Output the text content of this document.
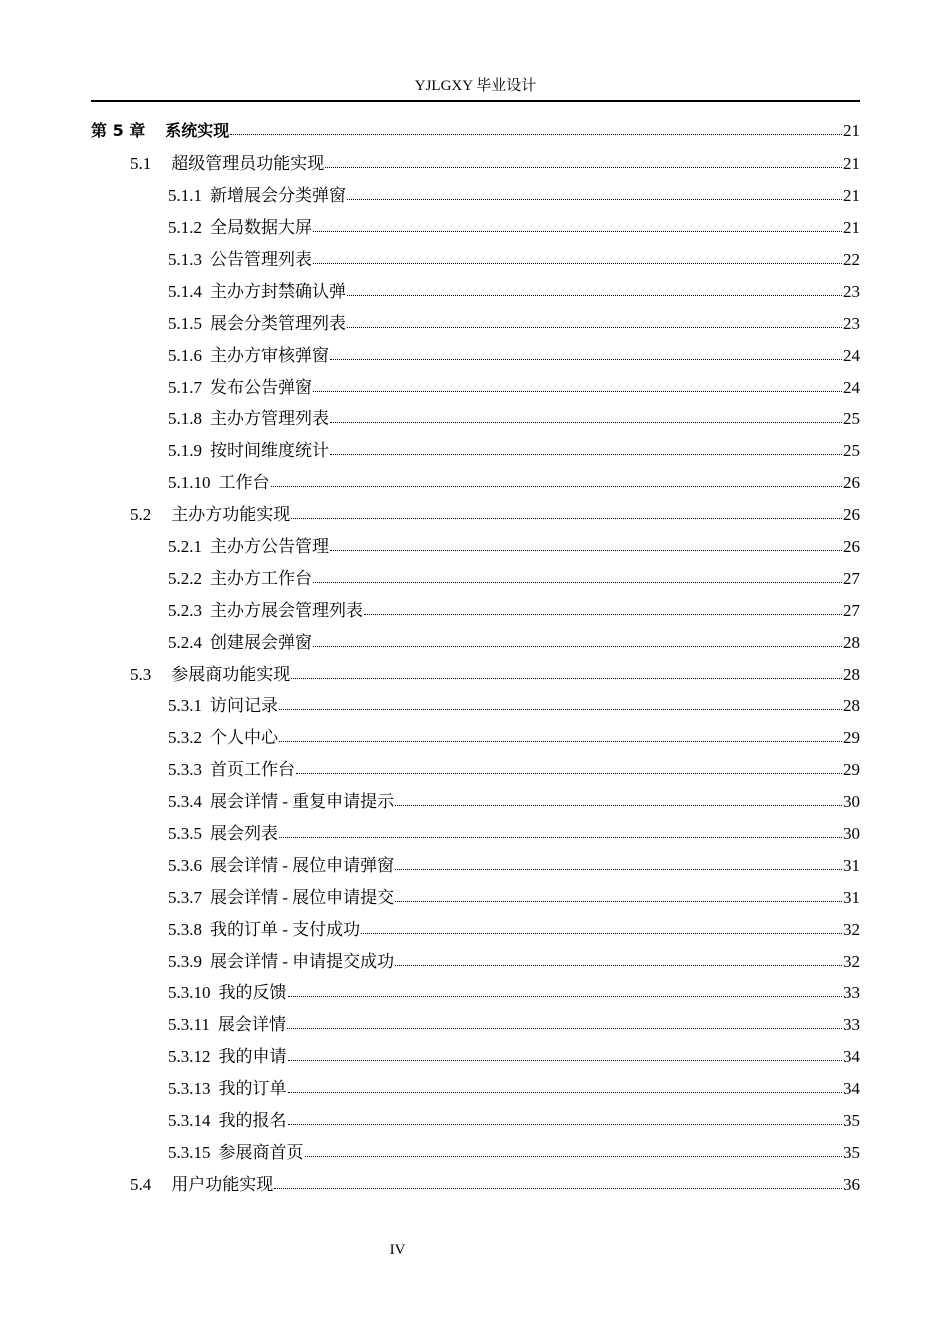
YJLGXY 毕业设计
第 5 章 系统实现	21
5.1 超级管理员功能实现	21
5.1.1 新增展会分类弹窗	21
5.1.2 全局数据大屏	21
5.1.3 公告管理列表	22
5.1.4 主办方封禁确认弹	23
5.1.5 展会分类管理列表	23
5.1.6 主办方审核弹窗	24
5.1.7 发布公告弹窗	24
5.1.8 主办方管理列表	25
5.1.9 按时间维度统计	25
5.1.10 工作台	26
5.2 主办方功能实现	26
5.2.1 主办方公告管理	26
5.2.2 主办方工作台	27
5.2.3 主办方展会管理列表	27
5.2.4 创建展会弹窗	28
5.3 参展商功能实现	28
5.3.1 访问记录	28
5.3.2 个人中心	29
5.3.3 首页工作台	29
5.3.4 展会详情 - 重复申请提示	30
5.3.5 展会列表	30
5.3.6 展会详情 - 展位申请弹窗	31
5.3.7 展会详情 - 展位申请提交	31
5.3.8 我的订单 - 支付成功	32
5.3.9 展会详情 - 申请提交成功	32
5.3.10 我的反馈	33
5.3.11 展会详情	33
5.3.12 我的申请	34
5.3.13 我的订单	34
5.3.14 我的报名	35
5.3.15 参展商首页	35
5.4 用户功能实现	36
IV
